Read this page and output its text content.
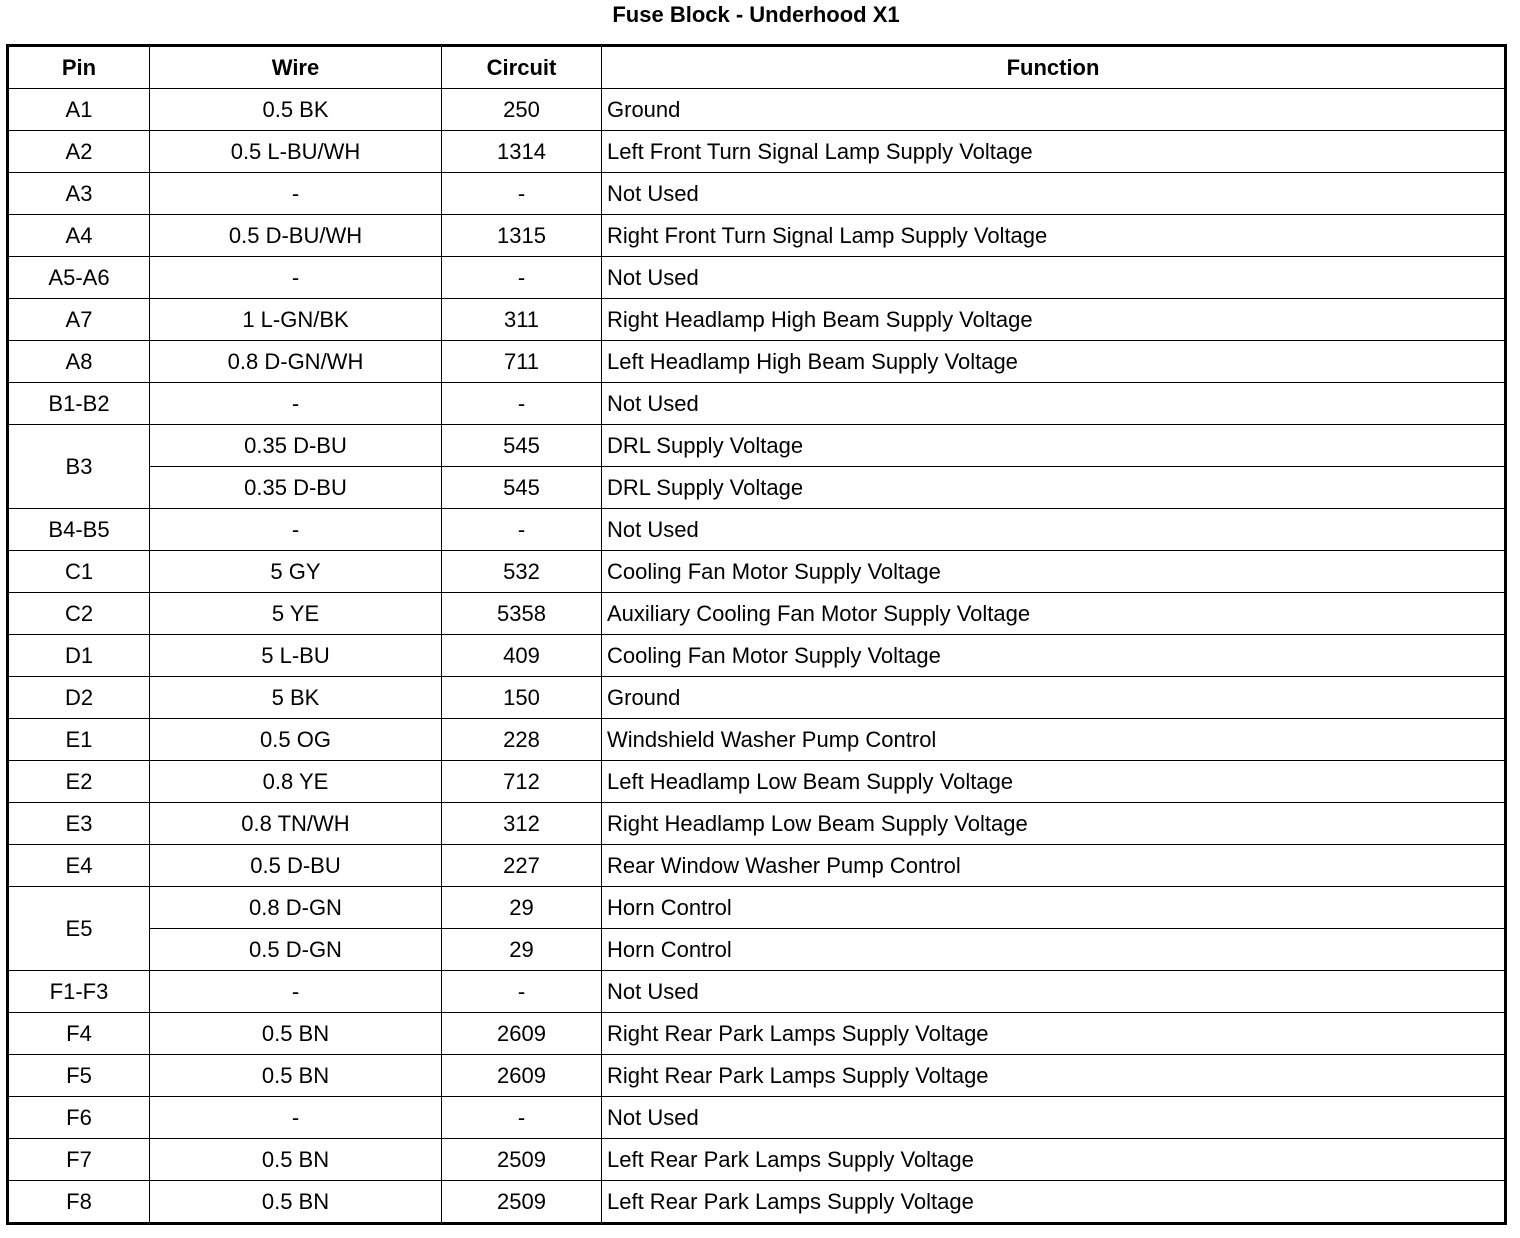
Fuse Block - Underhood X1
Pin	Wire	Circuit	Function
A1	0.5 BK	250	Ground
A2	0.5 L-BU/WH	1314	Left Front Turn Signal Lamp Supply Voltage
A3	-	-	Not Used
A4	0.5 D-BU/WH	1315	Right Front Turn Signal Lamp Supply Voltage
A5-A6	-	-	Not Used
A7	1 L-GN/BK	311	Right Headlamp High Beam Supply Voltage
A8	0.8 D-GN/WH	711	Left Headlamp High Beam Supply Voltage
B1-B2	-	-	Not Used
B3	0.35 D-BU	545	DRL Supply Voltage
	0.35 D-BU	545	DRL Supply Voltage
B4-B5	-	-	Not Used
C1	5 GY	532	Cooling Fan Motor Supply Voltage
C2	5 YE	5358	Auxiliary Cooling Fan Motor Supply Voltage
D1	5 L-BU	409	Cooling Fan Motor Supply Voltage
D2	5 BK	150	Ground
E1	0.5 OG	228	Windshield Washer Pump Control
E2	0.8 YE	712	Left Headlamp Low Beam Supply Voltage
E3	0.8 TN/WH	312	Right Headlamp Low Beam Supply Voltage
E4	0.5 D-BU	227	Rear Window Washer Pump Control
E5	0.8 D-GN	29	Horn Control
	0.5 D-GN	29	Horn Control
F1-F3	-	-	Not Used
F4	0.5 BN	2609	Right Rear Park Lamps Supply Voltage
F5	0.5 BN	2609	Right Rear Park Lamps Supply Voltage
F6	-	-	Not Used
F7	0.5 BN	2509	Left Rear Park Lamps Supply Voltage
F8	0.5 BN	2509	Left Rear Park Lamps Supply Voltage
